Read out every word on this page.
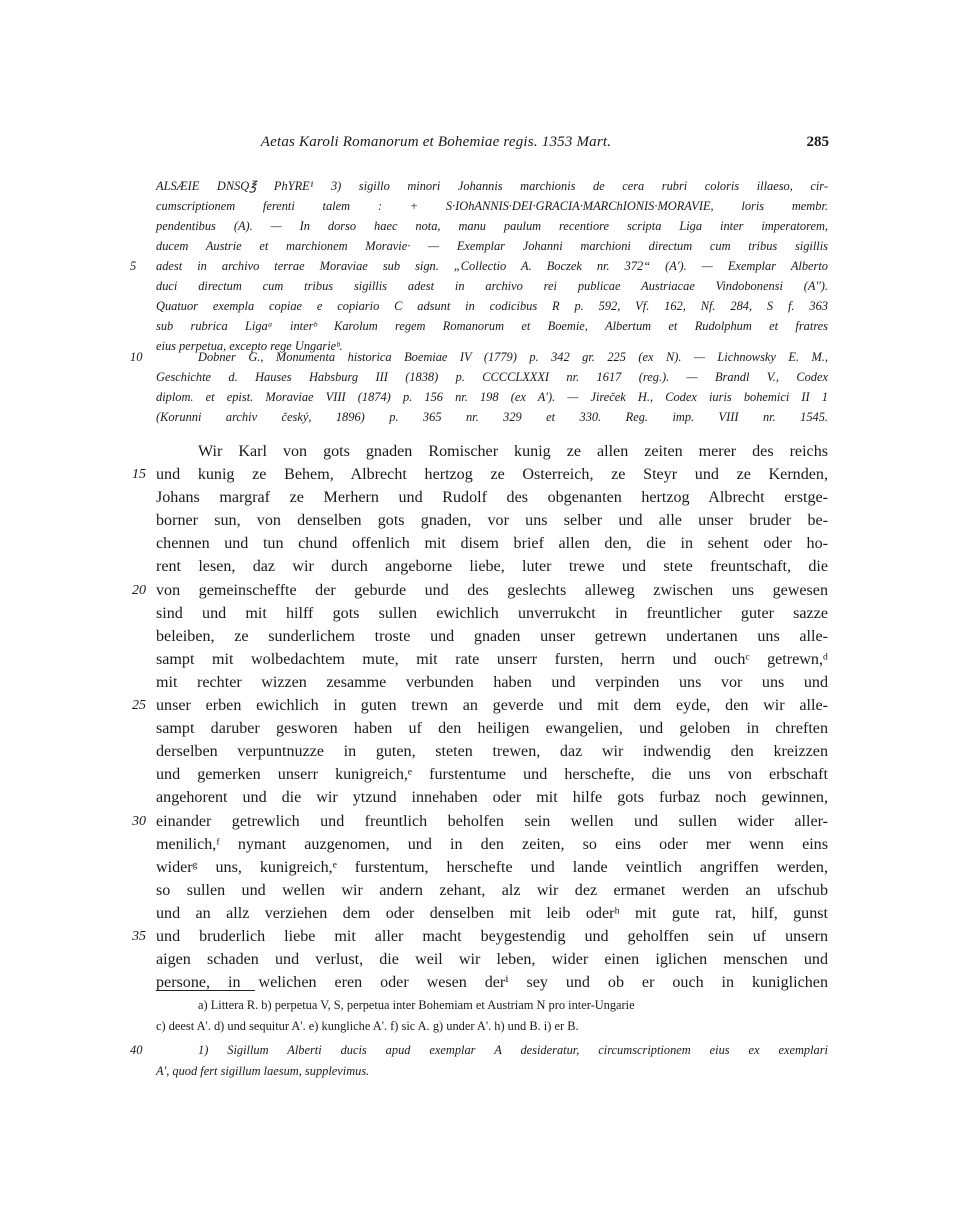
Aetas Karoli Romanorum et Bohemiae regis. 1353 Mart.	285
ALSÆIE DNSQ℥ PhYRE¹ 3) sigillo minori Johannis marchionis de cera rubri coloris illaeso, cir-
cumscriptionem ferenti talem : + S·IOhANNIS·DEI·GRACIA·MARChIONIS·MORAVIE, loris membr.
pendentibus (A). — In dorso haec nota, manu paulum recentiore scripta Liga inter imperatorem,
ducem Austrie et marchionem Moravie· — Exemplar Johanni marchioni directum cum tribus sigillis
adest in archivo terrae Moraviae sub sign. „Collectio A. Boczek nr. 372“ (A'). — Exemplar Alberto
5
duci directum cum tribus sigillis adest in archivo rei publicae Austriacae Vindobonensi (A'').
Quatuor exempla copiae e copiario C adsunt in codicibus R p. 592, Vf. 162, Nf. 284, S f. 363
sub rubrica Ligaᵃ interᵇ Karolum regem Romanorum et Boemie, Albertum et Rudolphum et fratres
eius perpetua, excepto rege Ungarieᵇ.
Dobner G., Monumenta historica Boemiae IV (1779) p. 342 gr. 225 (ex N). — Lichnowsky E. M.,
10
Geschichte d. Hauses Habsburg III (1838) p. CCCCLXXXI nr. 1617 (reg.). — Brandl V., Codex
diplom. et epist. Moraviae VIII (1874) p. 156 nr. 198 (ex A'). — Jireček H., Codex iuris bohemici II 1
(Korunni archiv český, 1896) p. 365 nr. 329 et 330. Reg. imp. VIII nr. 1545.
Wir Karl von gots gnaden Romischer kunig ze allen zeiten merer des reichs
und kunig ze Behem, Albrecht hertzog ze Osterreich, ze Steyr und ze Kernden,
15
Johans margraf ze Merhern und Rudolf des obgenanten hertzog Albrecht erstge-
borner sun, von denselben gots gnaden, vor uns selber und alle unser bruder be-
chennen und tun chund offenlich mit disem brief allen den, die in sehent oder ho-
rent lesen, daz wir durch angeborne liebe, luter trewe und stete freuntschaft, die
von gemeinscheffte der geburde und des geslechts alleweg zwischen uns gewesen
20
sind und mit hilff gots sullen ewichlich unverrukcht in freuntlicher guter sazze
beleiben, ze sunderlichem troste und gnaden unser getrewn undertanen uns alle-
sampt mit wolbedachtem mute, mit rate unserr fursten, herrn und ouchᶜ getrewn,ᵈ
mit rechter wizzen zesamme verbunden haben und verpinden uns vor uns und
unser erben ewichlich in guten trewn an geverde und mit dem eyde, den wir alle-
25
sampt daruber gesworen haben uf den heiligen ewangelien, und geloben in chreften
derselben verpuntnuzze in guten, steten trewen, daz wir indwendig den kreizzen
und gemerken unserr kunigreich,ᵉ furstentume und herschefte, die uns von erbschaft
angehorent und die wir ytzund innehaben oder mit hilfe gots furbaz noch gewinnen,
einander getrewlich und freuntlich beholfen sein wellen und sullen wider aller-
30
menilich,ᶠ nymant auzgenomen, und in den zeiten, so eins oder mer wenn eins
widerᵍ uns, kunigreich,ᵉ furstentum, herschefte und lande veintlich angriffen werden,
so sullen und wellen wir andern zehant, alz wir dez ermanet werden an ufschub
und an allz verziehen dem oder denselben mit leib oderʰ mit gute rat, hilf, gunst
und bruderlich liebe mit aller macht beygestendig und geholffen sein uf unsern
35
aigen schaden und verlust, die weil wir leben, wider einen iglichen menschen und
persone, in welichen eren oder wesen derⁱ sey und ob er ouch in kuniglichen
a) Littera R. b) perpetua V, S, perpetua inter Bohemiam et Austriam N pro inter-Ungarie
c) deest A'. d) und sequitur A'. e) kungliche A'. f) sic A. g) under A'. h) und B. i) er B.
1) Sigillum Alberti ducis apud exemplar A desideratur, circumscriptionem eius ex exemplari
40
A', quod fert sigillum laesum, supplevimus.
